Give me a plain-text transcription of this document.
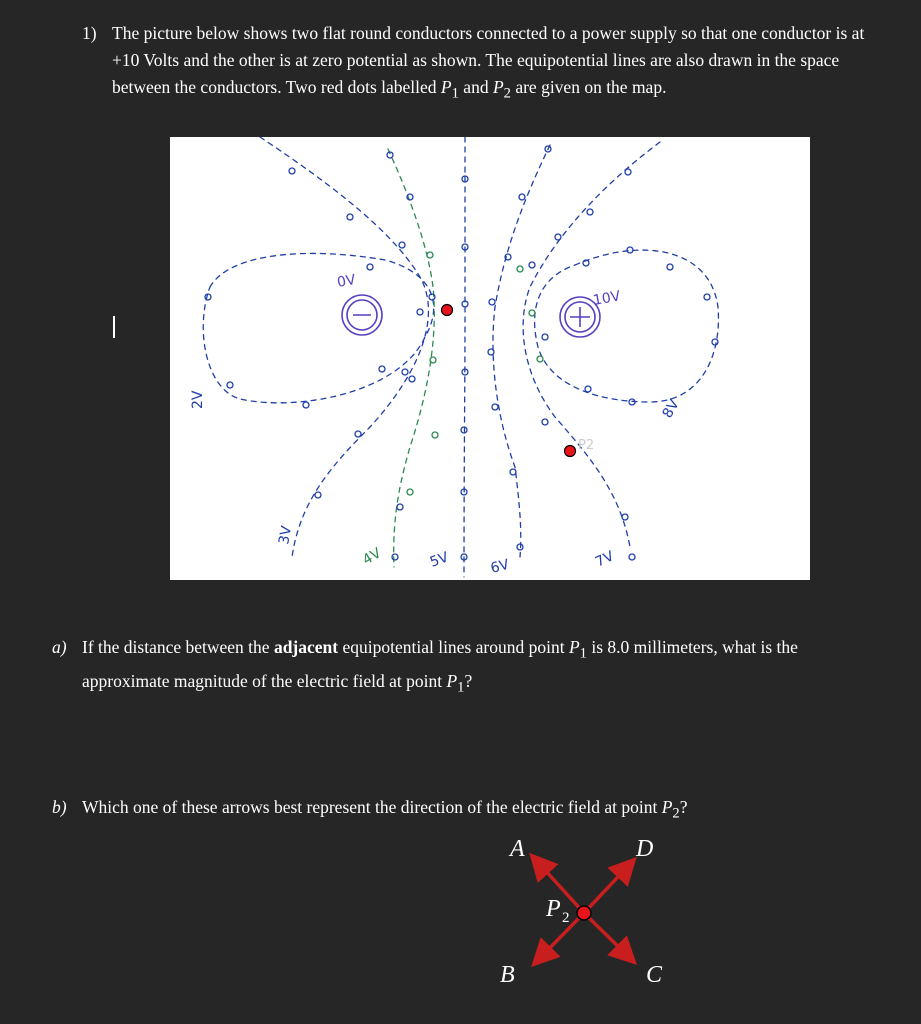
1) The picture below shows two flat round conductors connected to a power supply so that one conductor is at +10 Volts and the other is at zero potential as shown. The equipotential lines are also drawn in the space between the conductors. Two red dots labelled $P_1$ and $P_2$ are given on the map.
0V
10V
2V
3V
5V	6V	7V
8V
4V
P2
a) If the distance between the adjacent equipotential lines around point $P_1$ is 8.0 millimeters, what is the approximate magnitude of the electric field at point $P_1$?
b) Which one of these arrows best represent the direction of the electric field at point $P_2$?
A	D
B	C
P 2
